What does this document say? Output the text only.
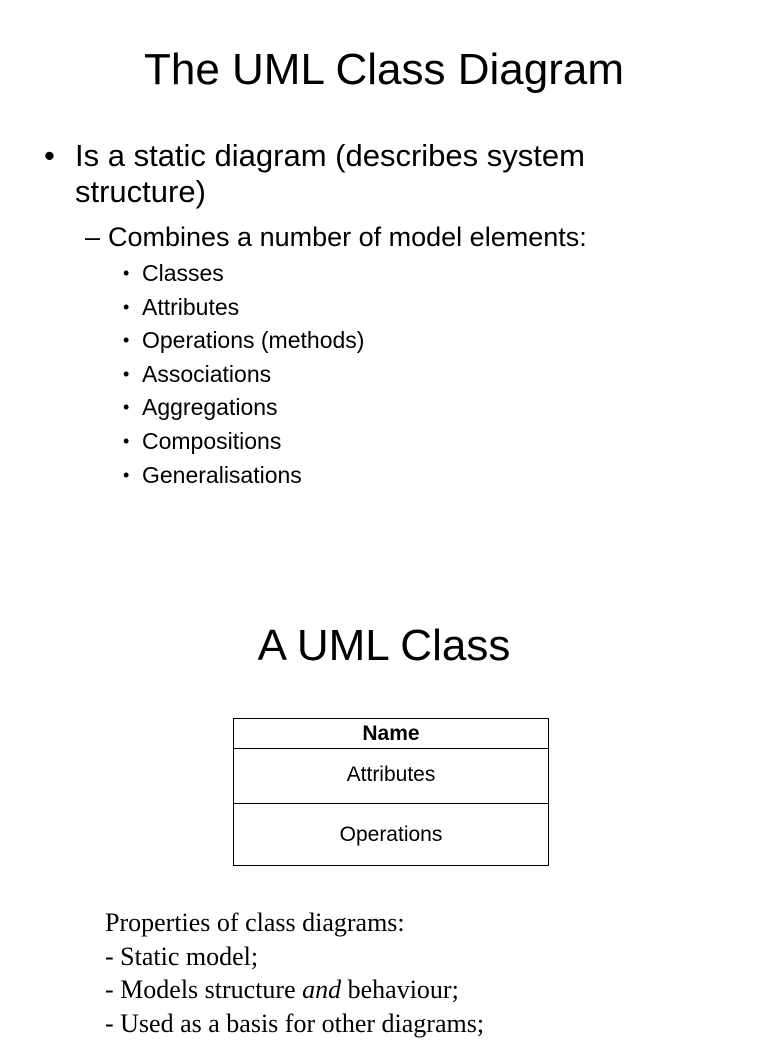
The UML Class Diagram
• Is a static diagram (describes system structure)
– Combines a number of model elements:
• Classes
• Attributes
• Operations (methods)
• Associations
• Aggregations
• Compositions
• Generalisations
A UML Class
Name
Attributes
Operations
Properties of class diagrams:
- Static model;
- Models structure and behaviour;
- Used as a basis for other diagrams;
